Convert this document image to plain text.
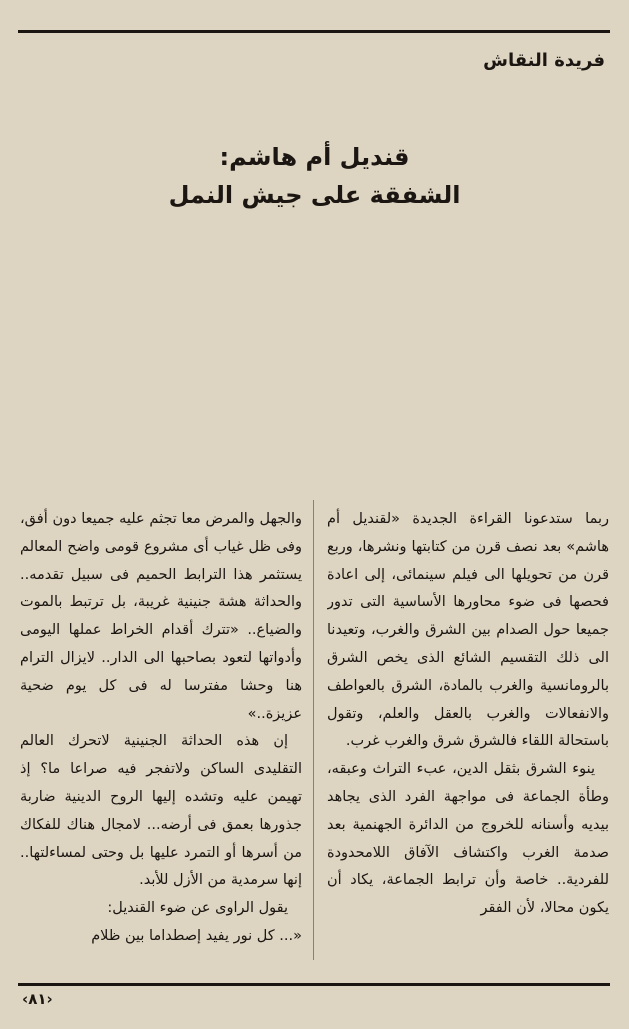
فريدة النقاش
قنديل أم هاشم:
الشفقة على جيش النمل

ربما ستدعونا القراءة الجديدة «لقنديل أم هاشم» بعد نصف قرن من كتابتها ونشرها، وربع قرن من تحويلها الى فيلم سينمائى، إلى اعادة فحصها فى ضوء محاورها الأساسية التى تدور جميعا حول الصدام بين الشرق والغرب، وتعيدنا الى ذلك التقسيم الشائع الذى يخص الشرق بالرومانسية والغرب بالمادة، الشرق بالعواطف والانفعالات والغرب بالعقل والعلم، وتقول باستحالة اللقاء فالشرق شرق والغرب غرب.

ينوء الشرق بثقل الدين، عبء التراث وعبقه، وطأة الجماعة فى مواجهة الفرد الذى يجاهد بيديه وأسنانه للخروج من الدائرة الجهنمية بعد صدمة الغرب واكتشاف الآفاق اللامحدودة للفردية.. خاصة وأن ترابط الجماعة، يكاد أن يكون محالا، لأن الفقر

والجهل والمرض معا تجثم عليه جميعا دون أفق، وفى ظل غياب أى مشروع قومى واضح المعالم يستثمر هذا الترابط الحميم فى سبيل تقدمه.. والحداثة هشة جنينية غريبة، بل ترتبط بالموت والضياع.. «تترك أقدام الخراط عملها اليومى وأدواتها لتعود بصاحبها الى الدار.. لايزال الترام هنا وحشا مفترسا له فى كل يوم ضحية عزيزة..»

إن هذه الحداثة الجنينية لاتحرك العالم التقليدى الساكن ولاتفجر فيه صراعا ما؟ إذ تهيمن عليه وتشده إليها الروح الدينية ضاربة جذورها بعمق فى أرضه... لامجال هناك للفكاك من أسرها أو التمرد عليها بل وحتى لمساءلتها.. إنها سرمدية من الأزل للأبد.

يقول الراوى عن ضوء القنديل:

«... كل نور يفيد إصطداما بين ظلام

‹٨١›
